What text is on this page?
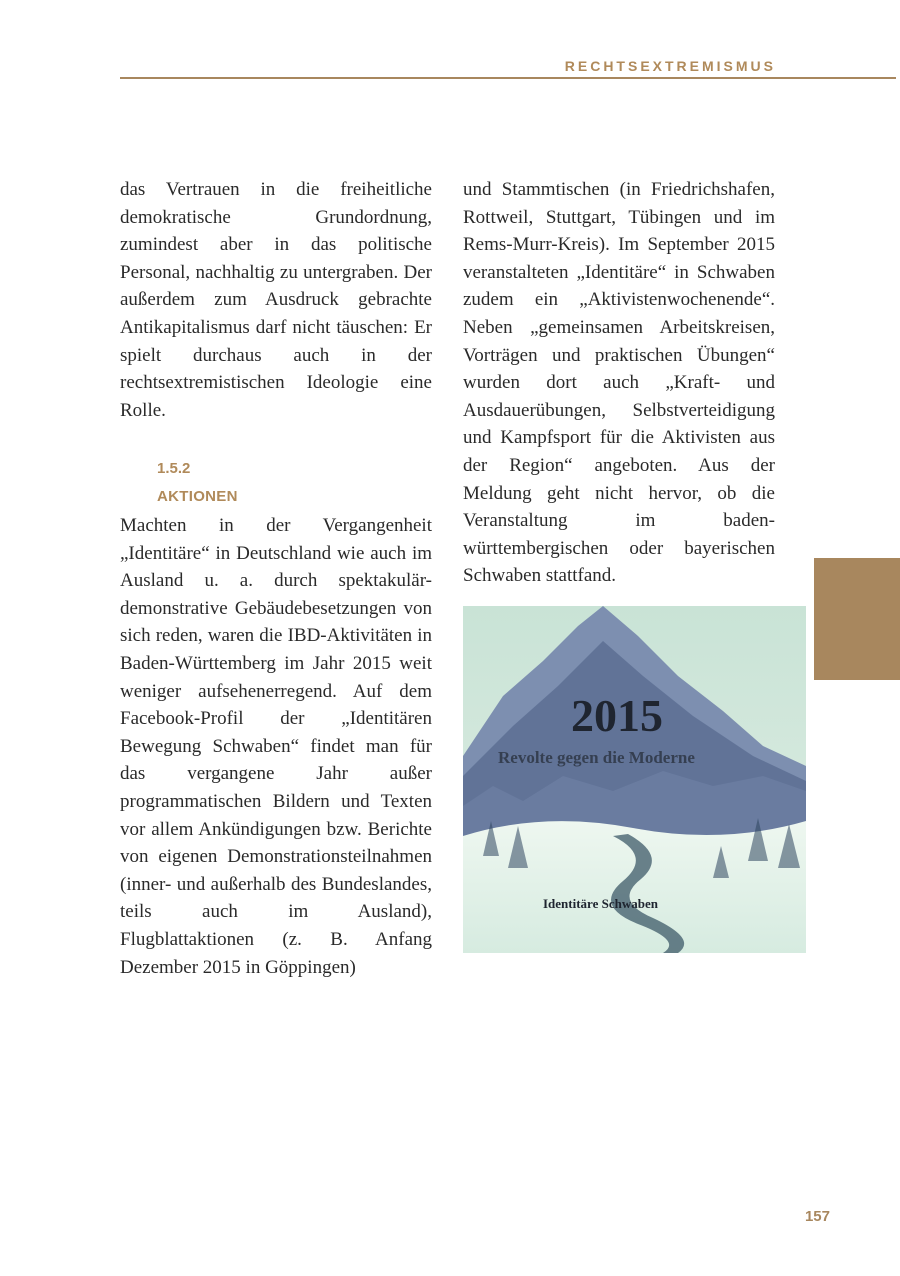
RECHTSEXTREMISMUS

das Vertrauen in die freiheitliche demokratische Grundordnung, zumindest aber in das politische Personal, nachhaltig zu untergraben. Der außerdem zum Ausdruck gebrachte Antikapitalismus darf nicht täuschen: Er spielt durchaus auch in der rechtsextremistischen Ideologie eine Rolle.

1.5.2
AKTIONEN

Machten in der Vergangenheit „Identitäre“ in Deutschland wie auch im Ausland u. a. durch spektakulär-demonstrative Gebäudebesetzungen von sich reden, waren die IBD-Aktivitäten in Baden-Württemberg im Jahr 2015 weit weniger aufsehenerregend. Auf dem Facebook-Profil der „Identitären Bewegung Schwaben“ findet man für das vergangene Jahr außer programmatischen Bildern und Texten vor allem Ankündigungen bzw. Berichte von eigenen Demonstrationsteilnahmen (inner- und außerhalb des Bundeslandes, teils auch im Ausland), Flugblattaktionen (z. B. Anfang Dezember 2015 in Göppingen)

und Stammtischen (in Friedrichshafen, Rottweil, Stuttgart, Tübingen und im Rems-Murr-Kreis). Im September 2015 veranstalteten „Identitäre“ in Schwaben zudem ein „Aktivistenwochenende“. Neben „gemeinsamen Arbeitskreisen, Vorträgen und praktischen Übungen“ wurden dort auch „Kraft- und Ausdauerübungen, Selbstverteidigung und Kampfsport für die Aktivisten aus der Region“ angeboten. Aus der Meldung geht nicht hervor, ob die Veranstaltung im baden-württembergischen oder bayerischen Schwaben stattfand.

2015
Revolte gegen die Moderne
Identitäre Schwaben
157
